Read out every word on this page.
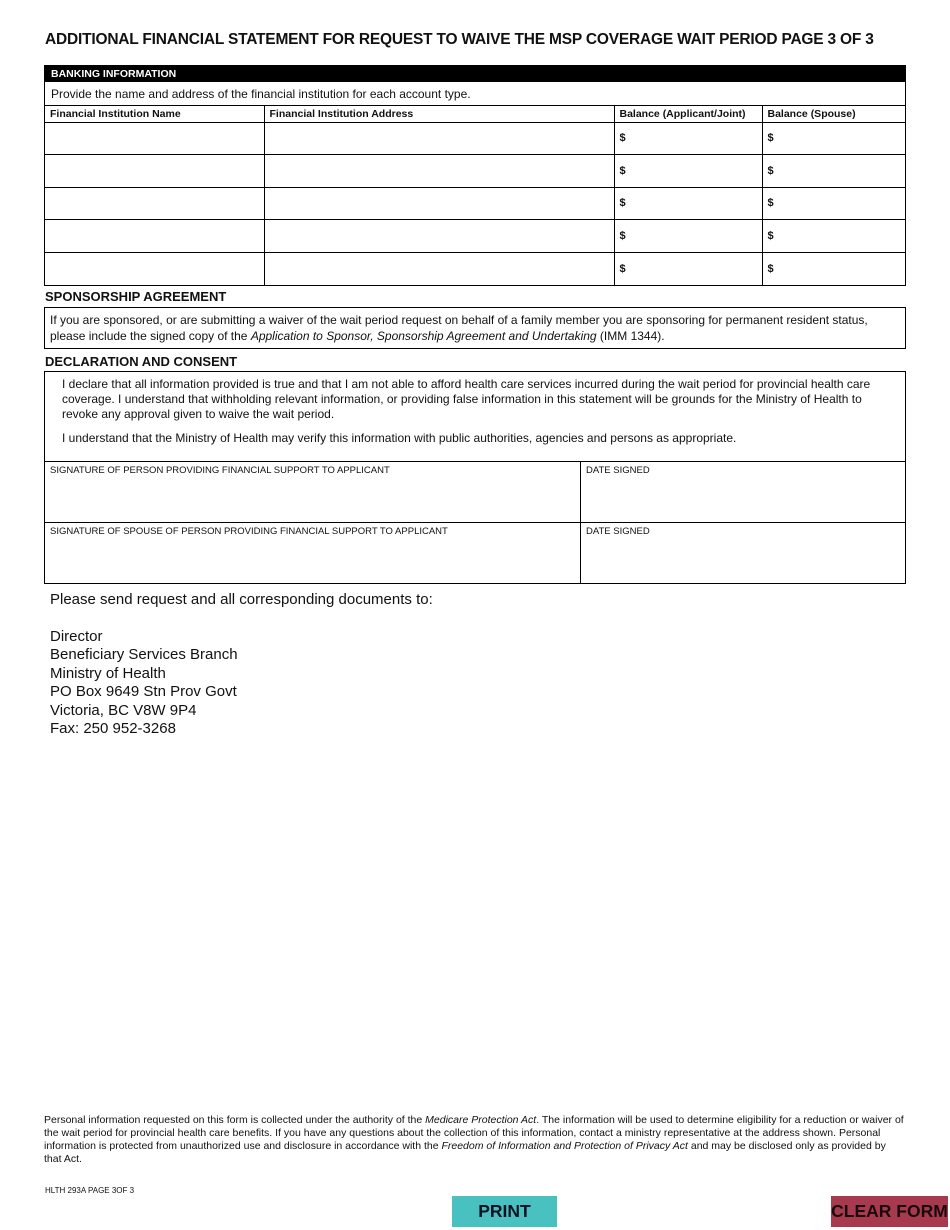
ADDITIONAL FINANCIAL STATEMENT FOR REQUEST TO WAIVE THE MSP COVERAGE WAIT PERIOD PAGE 3 OF 3
BANKING INFORMATION
Provide the name and address of the financial institution for each account type.
Financial Institution Name	Financial Institution Address	Balance (Applicant/Joint)	Balance (Spouse)
		$	$
		$	$
		$	$
		$	$
		$	$
SPONSORSHIP AGREEMENT
If you are sponsored, or are submitting a waiver of the wait period request on behalf of a family member you are sponsoring for permanent resident status, please include the signed copy of the Application to Sponsor, Sponsorship Agreement and Undertaking (IMM 1344).
DECLARATION AND CONSENT

I declare that all information provided is true and that I am not able to afford health care services incurred during the wait period for provincial health care coverage. I understand that withholding relevant information, or providing false information in this statement will be grounds for the Ministry of Health to revoke any approval given to waive the wait period.

I understand that the Ministry of Health may verify this information with public authorities, agencies and persons as appropriate.

SIGNATURE OF PERSON PROVIDING FINANCIAL SUPPORT TO APPLICANT	DATE SIGNED
SIGNATURE OF SPOUSE OF PERSON PROVIDING FINANCIAL SUPPORT TO APPLICANT	DATE SIGNED
Please send request and all corresponding documents to:
Director
Beneficiary Services Branch
Ministry of Health
PO Box 9649 Stn Prov Govt
Victoria, BC V8W 9P4
Fax: 250 952-3268
Personal information requested on this form is collected under the authority of the Medicare Protection Act. The information will be used to determine eligibility for a reduction or waiver of the wait period for provincial health care benefits. If you have any questions about the collection of this information, contact a ministry representative at the address shown. Personal information is protected from unauthorized use and disclosure in accordance with the Freedom of Information and Protection of Privacy Act and may be disclosed only as provided by that Act.
HLTH 293A PAGE 3OF 3
PRINT	CLEAR FORM
